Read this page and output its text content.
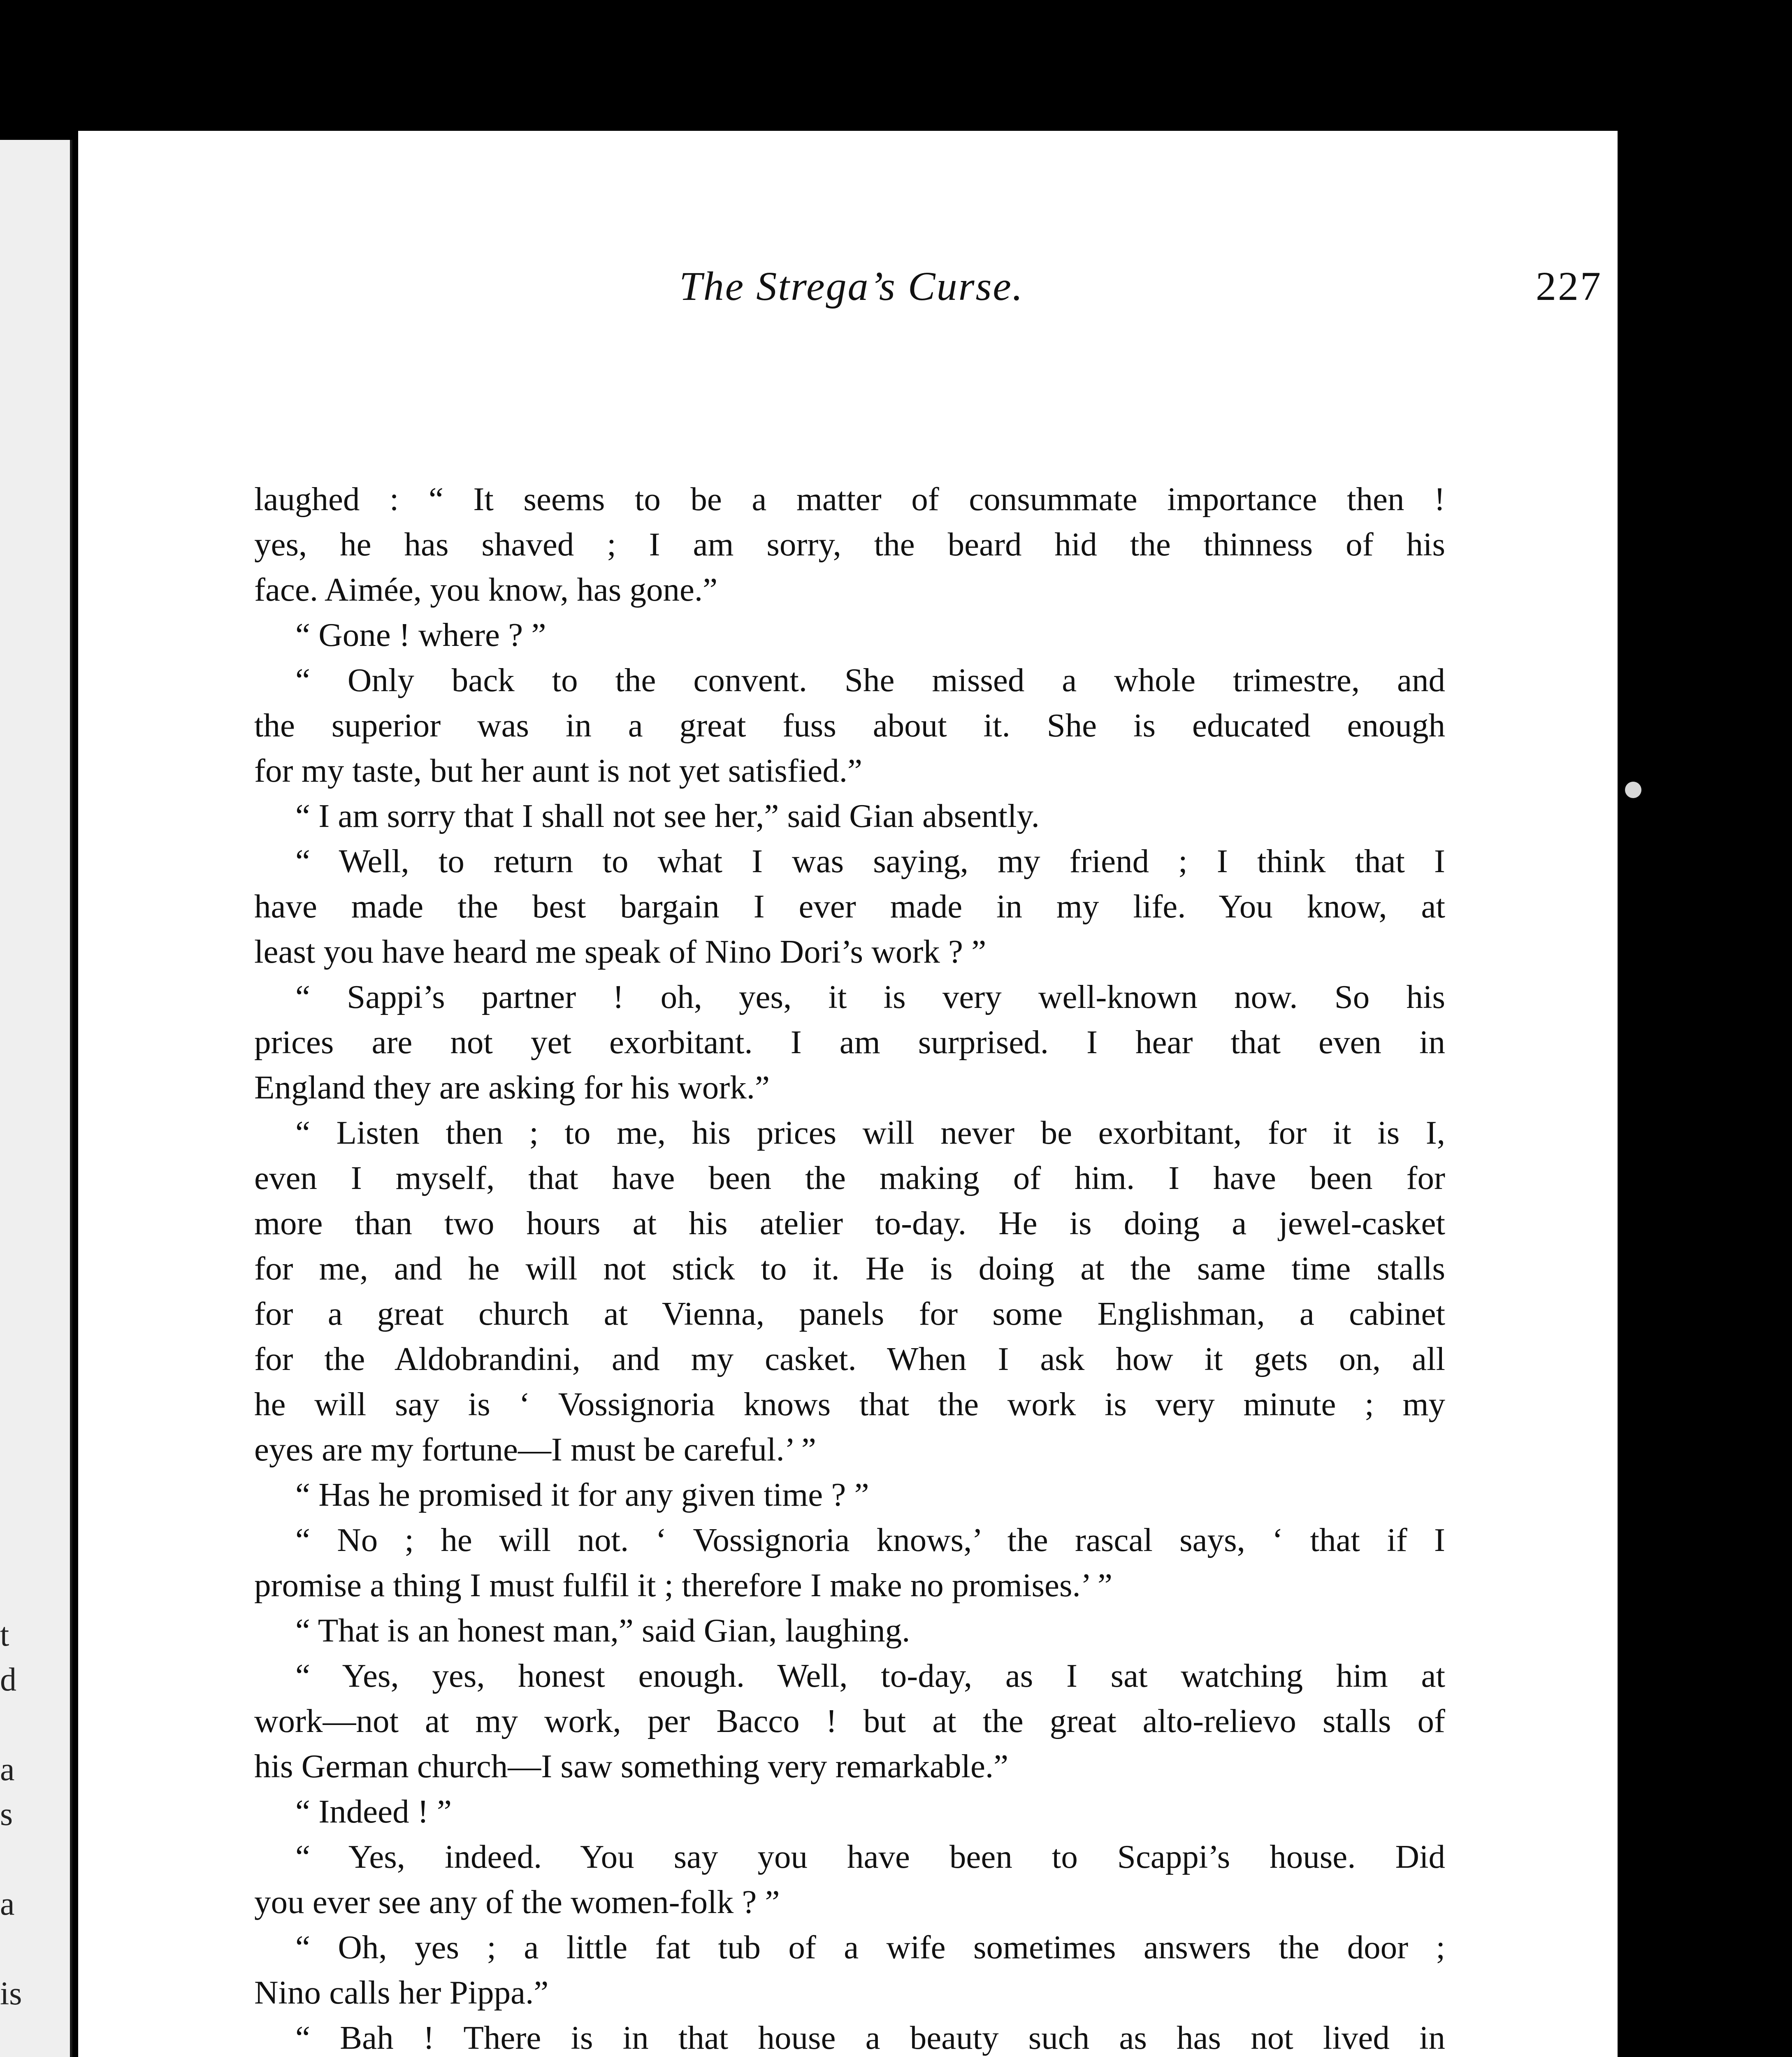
t
d
a
s
a
is
The Strega’s Curse.	227
laughed : “ It seems to be a matter of consummate importance then !
yes, he has shaved ; I am sorry, the beard hid the thinness of his
face. Aimée, you know, has gone.”
“ Gone ! where ? ”
“ Only back to the convent. She missed a whole trimestre, and
the superior was in a great fuss about it. She is educated enough
for my taste, but her aunt is not yet satisfied.”
“ I am sorry that I shall not see her,” said Gian absently.
“ Well, to return to what I was saying, my friend ; I think that I
have made the best bargain I ever made in my life. You know, at
least you have heard me speak of Nino Dori’s work ? ”
“ Sappi’s partner ! oh, yes, it is very well-known now. So his
prices are not yet exorbitant. I am surprised. I hear that even in
England they are asking for his work.”
“ Listen then ; to me, his prices will never be exorbitant, for it is I,
even I myself, that have been the making of him. I have been for
more than two hours at his atelier to-day. He is doing a jewel-casket
for me, and he will not stick to it. He is doing at the same time stalls
for a great church at Vienna, panels for some Englishman, a cabinet
for the Aldobrandini, and my casket. When I ask how it gets on, all
he will say is ‘ Vossignoria knows that the work is very minute ; my
eyes are my fortune—I must be careful.’ ”
“ Has he promised it for any given time ? ”
“ No ; he will not. ‘ Vossignoria knows,’ the rascal says, ‘ that if I
promise a thing I must fulfil it ; therefore I make no promises.’ ”
“ That is an honest man,” said Gian, laughing.
“ Yes, yes, honest enough. Well, to-day, as I sat watching him at
work—not at my work, per Bacco ! but at the great alto-relievo stalls of
his German church—I saw something very remarkable.”
“ Indeed ! ”
“ Yes, indeed. You say you have been to Scappi’s house. Did
you ever see any of the women-folk ? ”
“ Oh, yes ; a little fat tub of a wife sometimes answers the door ;
Nino calls her Pippa.”
“ Bah ! There is in that house a beauty such as has not lived in
